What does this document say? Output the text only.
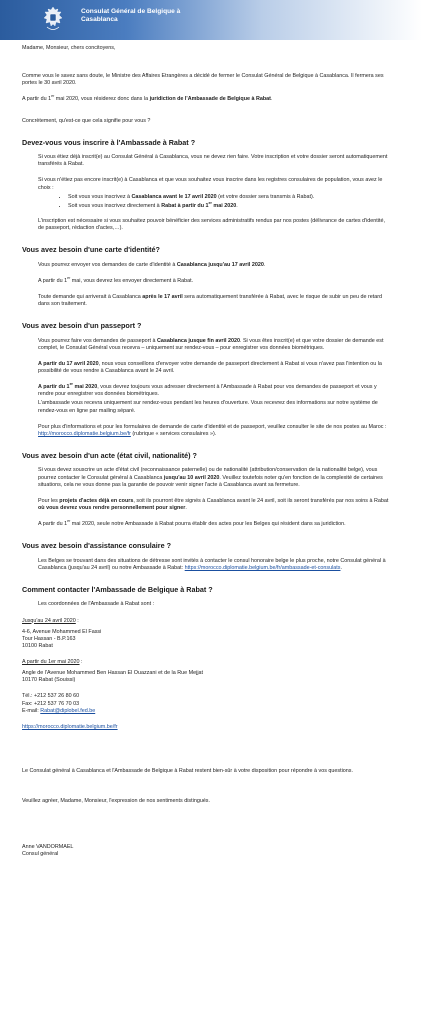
Consulat Général de Belgique à
Casablanca

Madame, Monsieur, chers concitoyens,

Comme vous le savez sans doute, le Ministre des Affaires Etrangères a décidé de fermer le Consulat Général de Belgique à Casablanca. Il fermera ses portes le 30 avril 2020.

A partir du 1er mai 2020, vous résiderez donc dans la juridiction de l'Ambassade de Belgique à Rabat.

Concrètement, qu'est-ce que cela signifie pour vous ?

Devez-vous vous inscrire à l'Ambassade à Rabat ?

Si vous étiez déjà inscrit(e) au Consulat Général à Casablanca, vous ne devez rien faire. Votre inscription et votre dossier seront automatiquement transférés à Rabat.

Si vous n'étiez pas encore inscrit(e) à Casablanca et que vous souhaitez vous inscrire dans les registres consulaires de population, vous avez le choix :

• Soit vous vous inscrivez à Casablanca avant le 17 avril 2020 (et votre dossier sera transmis à Rabat).
• Soit vous vous inscrivez directement à Rabat à partir du 1er mai 2020.

L'inscription est nécessaire si vous souhaitez pouvoir bénéficier des services administratifs rendus par nos postes (délivrance de cartes d'identité, de passeport, rédaction d'actes,…).

Vous avez besoin d'une carte d'identité?

Vous pourrez envoyer vos demandes de carte d'identité à Casablanca jusqu'au 17 avril 2020.

A partir du 1er mai, vous devrez les envoyer directement à Rabat.

Toute demande qui arriverait à Casablanca après le 17 avril sera automatiquement transférée à Rabat, avec le risque de subir un peu de retard dans son traitement.

Vous avez besoin d'un passeport ?

Vous pourrez faire vos demandes de passeport à Casablanca jusque fin avril 2020. Si vous êtes inscrit(e) et que votre dossier de demande est complet, le Consulat Général vous recevra – uniquement sur rendez-vous – pour enregistrer vos données biométriques.

A partir du 17 avril 2020, nous vous conseillons d'envoyer votre demande de passeport directement à Rabat si vous n'avez pas l'intention ou la possibilité de vous rendre à Casablanca avant le 24 avril.

A partir du 1er mai 2020, vous devrez toujours vous adresser directement à l'Ambassade à Rabat pour vos demandes de passeport et vous y rendre pour enregistrer vos données biométriques.

L'ambassade vous recevra uniquement sur rendez-vous pendant les heures d'ouverture. Vous recevrez des informations sur notre système de rendez-vous en ligne par mailing séparé.

Pour plus d'informations et pour les formulaires de demande de carte d'identité et de passeport, veuillez consulter le site de nos postes au Maroc : http://morocco.diplomatie.belgium.be/fr (rubrique « services consulaires »).

Vous avez besoin d'un acte (état civil, nationalité) ?

Si vous devez souscrire un acte d'état civil (reconnaissance paternelle) ou de nationalité (attribution/conservation de la nationalité belge), vous pourrez contacter le Consulat général à Casablanca jusqu'au 10 avril 2020. Veuillez toutefois noter qu'en fonction de la complexité de certaines situations, cela ne vous donne pas la garantie de pouvoir venir signer l'acte à Casablanca avant sa fermeture.

Pour les projets d'actes déjà en cours, soit ils pourront être signés à Casablanca avant le 24 avril, soit ils seront transférés par nos soins à Rabat où vous devrez vous rendre personnellement pour signer.

A partir du 1er mai 2020, seule notre Ambassade à Rabat pourra établir des actes pour les Belges qui résident dans sa juridiction.

Vous avez besoin d'assistance consulaire ?

Les Belges se trouvant dans des situations de détresse sont invités à contacter le consul honoraire belge le plus proche, notre Consulat général à Casablanca (jusqu'au 24 avril) ou notre Ambassade à Rabat: https://morocco.diplomatie.belgium.be/fr/ambassade-et-consulats.

Comment contacter l'Ambassade de Belgique à Rabat ?

Les coordonnées de l'Ambassade à Rabat sont :

Jusqu'au 24 avril 2020 :

4-6, Avenue Mohammed El Fassi
Tour Hassan - B.P.163
10100 Rabat

A partir du 1er mai 2020 :

Angle de l'Avenue Mohammed Ben Hassan El Ouazzani et de la Rue Mejjat
10170 Rabat (Souissi)

Tél.: +212 537 26 80 60
Fax: +212 537 76 70 03
E-mail: Rabat@diplobel.fed.be

https://morocco.diplomatie.belgium.be/fr

Le Consulat général à Casablanca et l'Ambassade de Belgique à Rabat restent bien-sûr à votre disposition pour répondre à vos questions.

Veuillez agréer, Madame, Monsieur, l'expression de nos sentiments distingués.

Anne VANDORMAEL
Consul général
